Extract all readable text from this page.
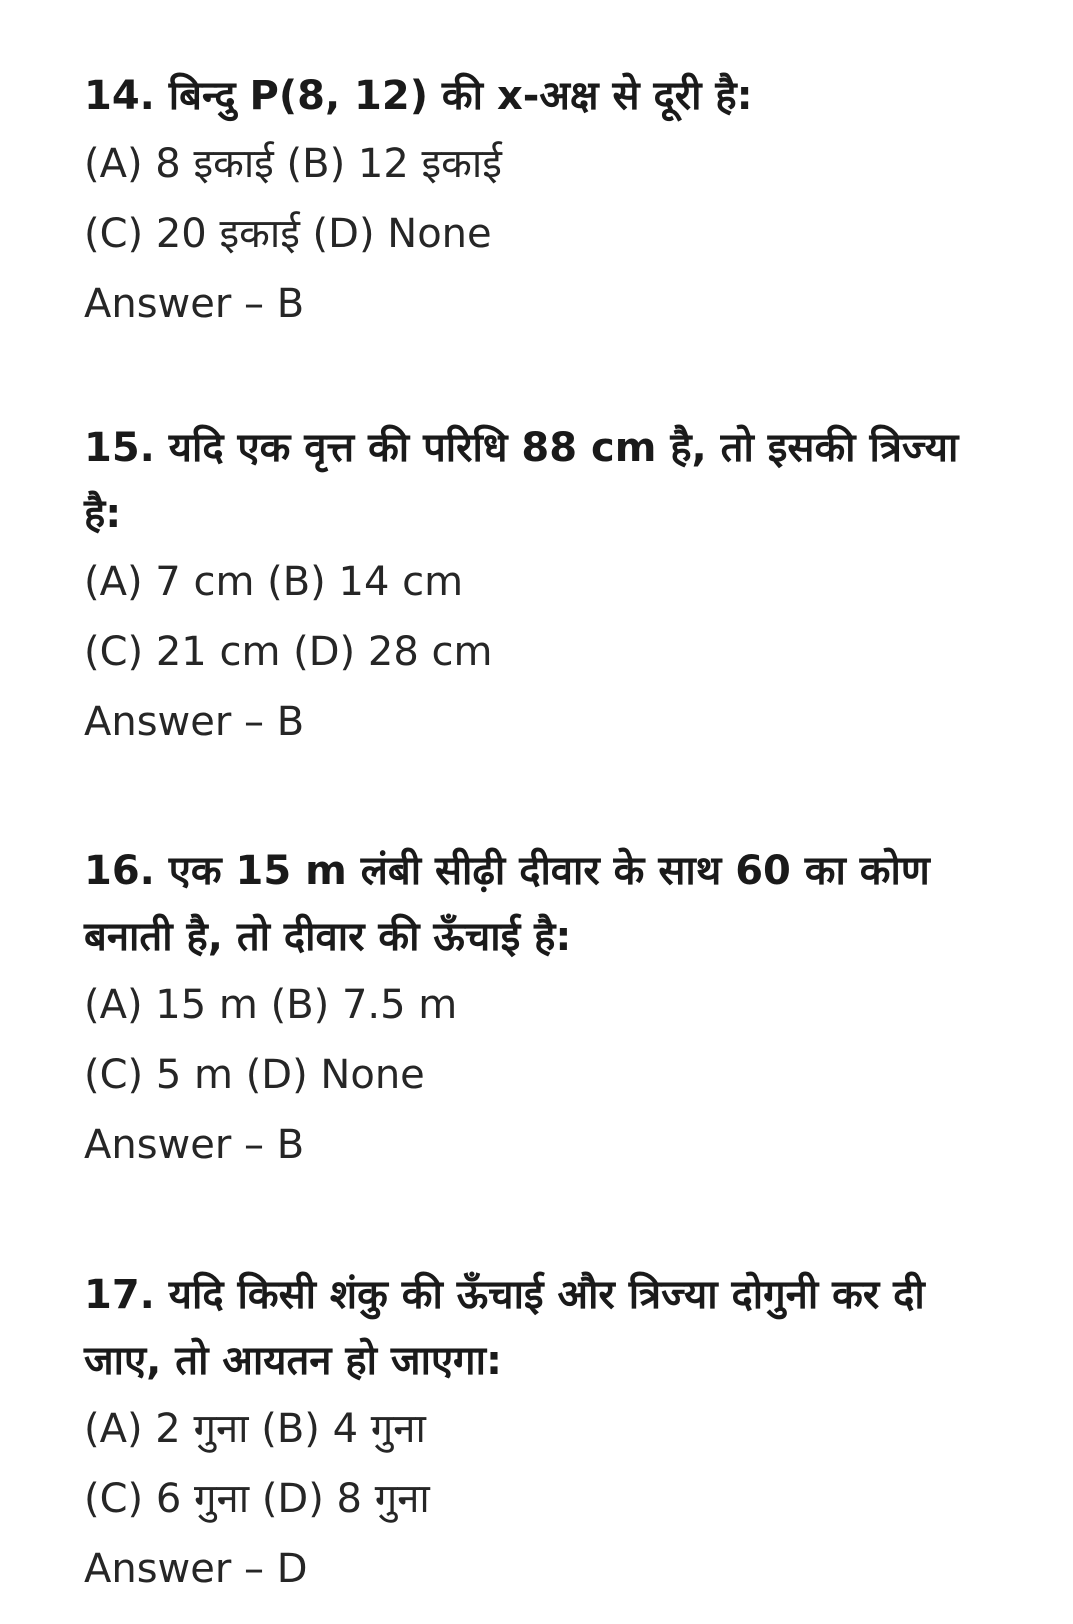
14. बिन्दु P(8, 12) की x-अक्ष से दूरी है:

(A) 8 इकाई (B) 12 इकाई

(C) 20 इकाई (D) None

Answer – B

15. यदि एक वृत्त की परिधि 88 cm है, तो इसकी त्रिज्या है:

(A) 7 cm (B) 14 cm

(C) 21 cm (D) 28 cm

Answer – B

16. एक 15 m लंबी सीढ़ी दीवार के साथ 60 का कोण बनाती है, तो दीवार की ऊँचाई है:

(A) 15 m (B) 7.5 m

(C) 5 m (D) None

Answer – B

17. यदि किसी शंकु की ऊँचाई और त्रिज्या दोगुनी कर दी जाए, तो आयतन हो जाएगा:

(A) 2 गुना (B) 4 गुना

(C) 6 गुना (D) 8 गुना

Answer – D
